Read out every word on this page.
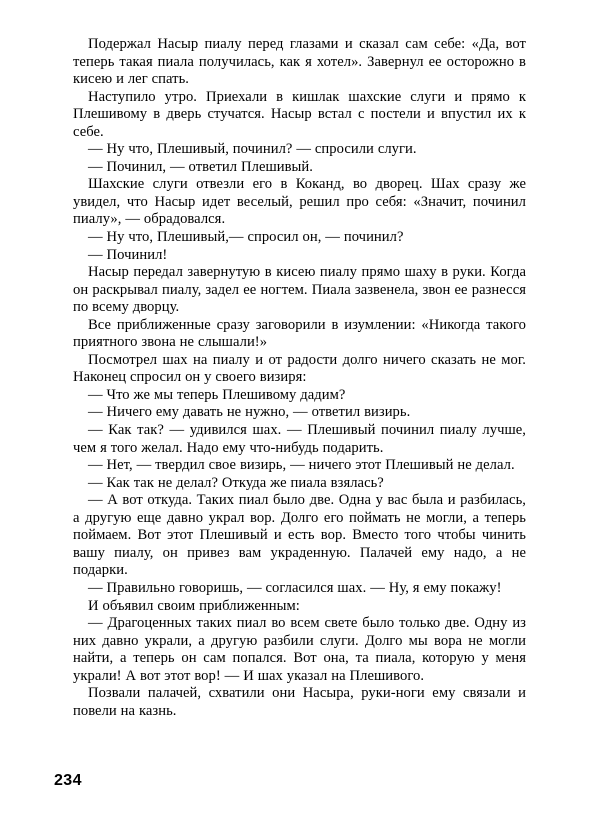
Подержал Насыр пиалу перед глазами и сказал сам себе: «Да, вот теперь такая пиала получилась, как я хотел». Завернул ее осторожно в кисею и лег спать.

Наступило утро. Приехали в кишлак шахские слуги и прямо к Плешивому в дверь стучатся. Насыр встал с постели и впустил их к себе.

— Ну что, Плешивый, починил? — спросили слуги.

— Починил, — ответил Плешивый.

Шахские слуги отвезли его в Коканд, во дворец. Шах сразу же увидел, что Насыр идет веселый, решил про себя: «Значит, починил пиалу», — обрадовался.

— Ну что, Плешивый,— спросил он, — починил?

— Починил!

Насыр передал завернутую в кисею пиалу прямо шаху в руки. Когда он раскрывал пиалу, задел ее ногтем. Пиала зазвенела, звон ее разнесся по всему дворцу.

Все приближенные сразу заговорили в изумлении: «Никогда такого приятного звона не слышали!»

Посмотрел шах на пиалу и от радости долго ничего сказать не мог. Наконец спросил он у своего визиря:

— Что же мы теперь Плешивому дадим?

— Ничего ему давать не нужно, — ответил визирь.

— Как так? — удивился шах. — Плешивый починил пиалу лучше, чем я того желал. Надо ему что-нибудь подарить.

— Нет, — твердил свое визирь, — ничего этот Плешивый не делал.

— Как так не делал? Откуда же пиала взялась?

— А вот откуда. Таких пиал было две. Одна у вас была и разбилась, а другую еще давно украл вор. Долго его поймать не могли, а теперь поймаем. Вот этот Плешивый и есть вор. Вместо того чтобы чинить вашу пиалу, он привез вам украденную. Палачей ему надо, а не подарки.

— Правильно говоришь, — согласился шах. — Ну, я ему покажу!

И объявил своим приближенным:

— Драгоценных таких пиал во всем свете было только две. Одну из них давно украли, а другую разбили слуги. Долго мы вора не могли найти, а теперь он сам попался. Вот она, та пиала, которую у меня украли! А вот этот вор! — И шах указал на Плешивого.

Позвали палачей, схватили они Насыра, руки-ноги ему связали и повели на казнь.

234
